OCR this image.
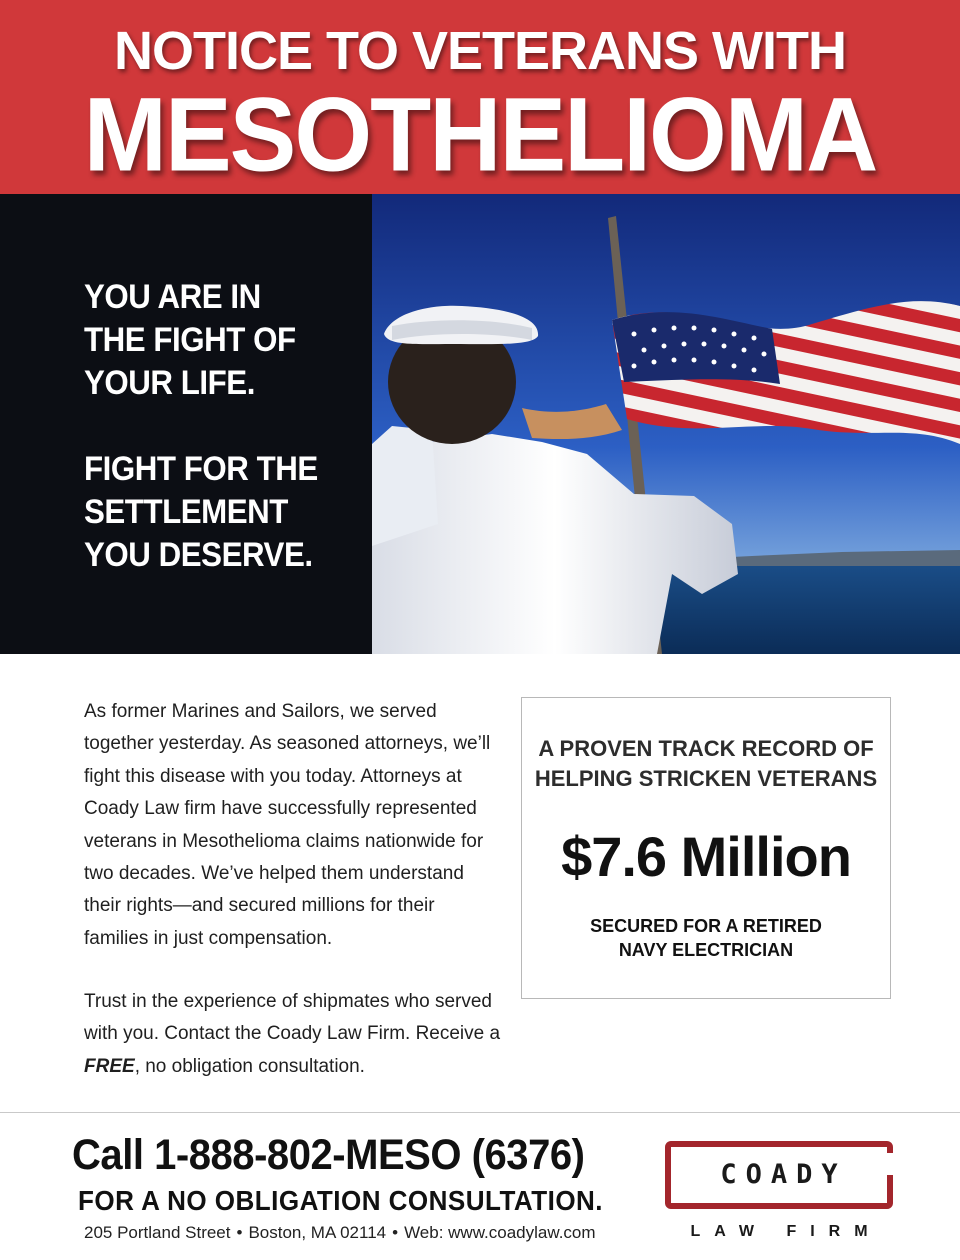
NOTICE TO VETERANS WITH
MESOTHELIOMA
YOU ARE IN
THE FIGHT OF
YOUR LIFE.
FIGHT FOR THE
SETTLEMENT
YOU DESERVE.
As former Marines and Sailors, we served together yesterday. As seasoned attorneys, we’ll fight this disease with you today. Attorneys at Coady Law firm have successfully represented veterans in Mesothelioma claims nationwide for two decades. We’ve helped them understand their rights—and secured millions for their families in just compensation.
Trust in the experience of shipmates who served with you. Contact the Coady Law Firm. Receive a FREE, no obligation consultation.
A PROVEN TRACK RECORD OF
HELPING STRICKEN VETERANS
$7.6 Million
SECURED FOR A RETIRED
NAVY ELECTRICIAN
Call 1-888-802-MESO (6376)
FOR A NO OBLIGATION CONSULTATION.
205 Portland Street • Boston, MA 02114 • Web: www.coadylaw.com
COADY
LAW FIRM
